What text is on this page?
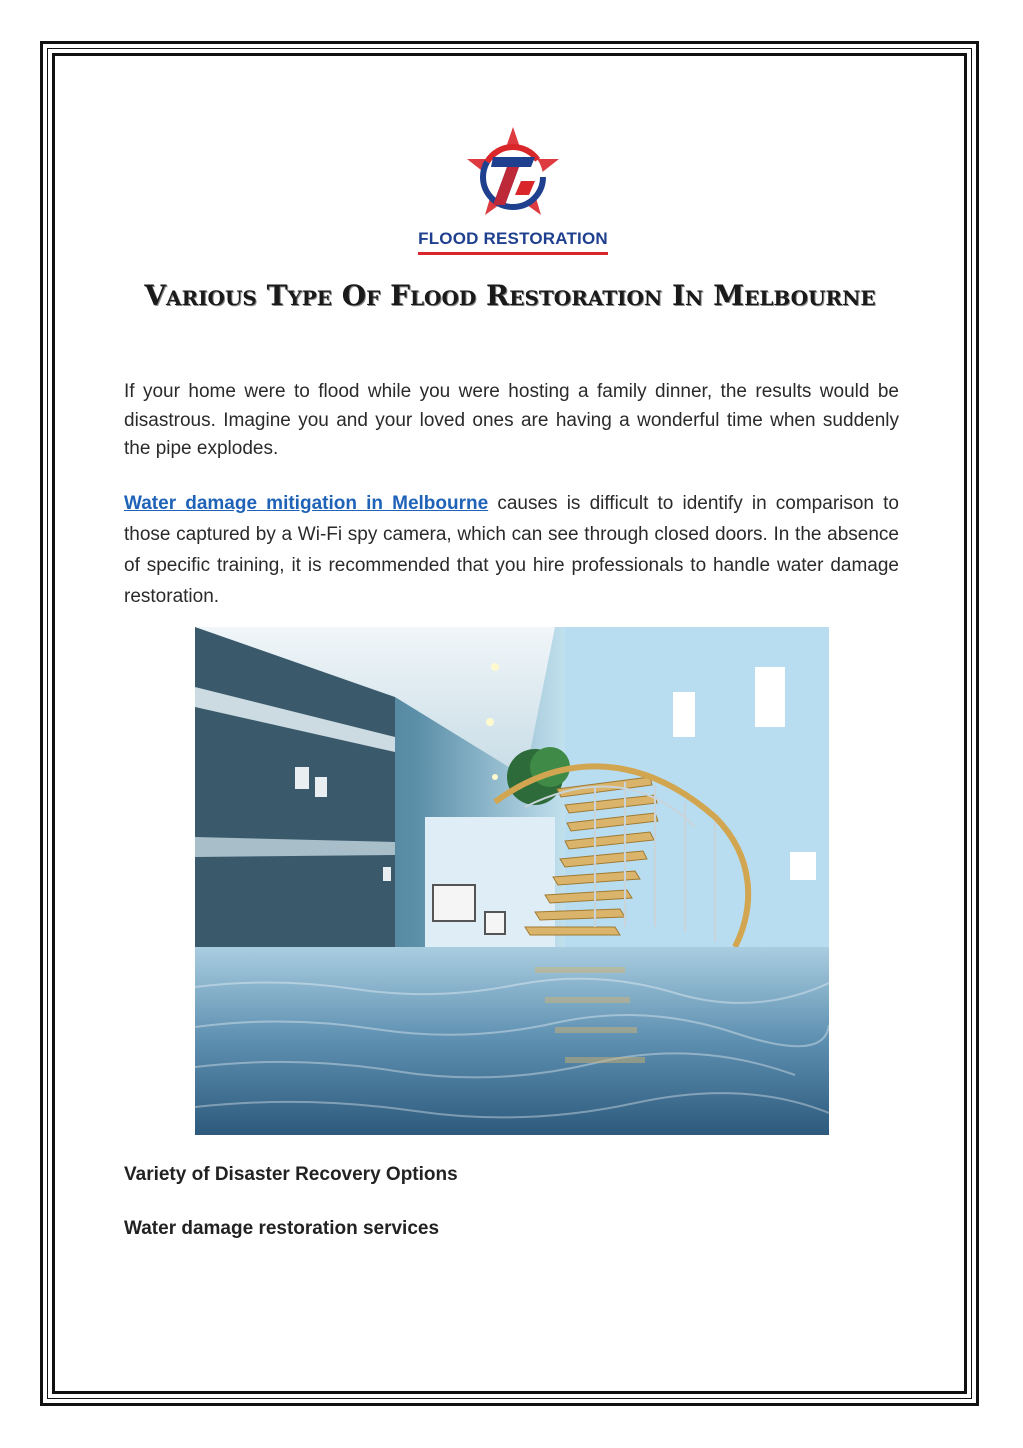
FLOOD RESTORATION
Various Type Of Flood Restoration In Melbourne
If your home were to flood while you were hosting a family dinner, the results would be disastrous. Imagine you and your loved ones are having a wonderful time when suddenly the pipe explodes.
Water damage mitigation in Melbourne causes is difficult to identify in comparison to those captured by a Wi-Fi spy camera, which can see through closed doors. In the absence of specific training, it is recommended that you hire professionals to handle water damage restoration.
Variety of Disaster Recovery Options
Water damage restoration services
